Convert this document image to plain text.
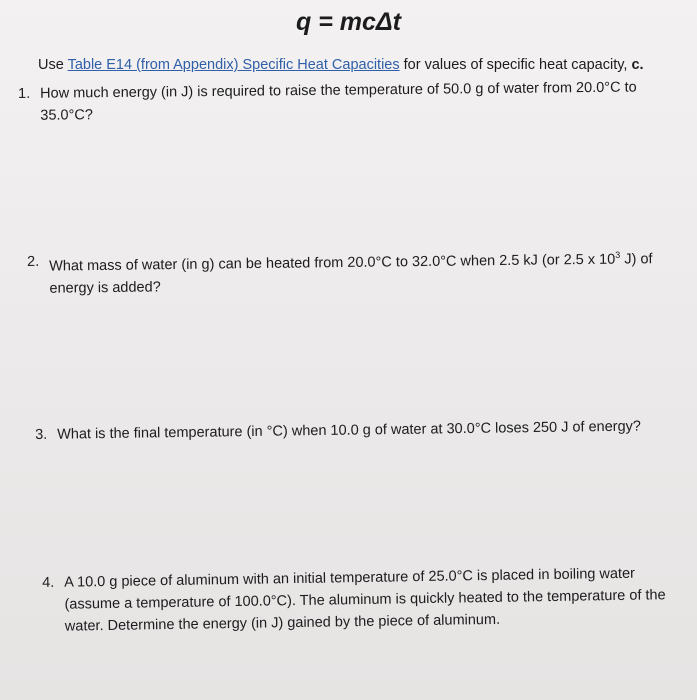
q = mcΔt
Use Table E14 (from Appendix) Specific Heat Capacities for values of specific heat capacity, c.
1. How much energy (in J) is required to raise the temperature of 50.0 g of water from 20.0°C to 35.0°C?
2. What mass of water (in g) can be heated from 20.0°C to 32.0°C when 2.5 kJ (or 2.5 x $10^3$ J) of energy is added?
3. What is the final temperature (in °C) when 10.0 g of water at 30.0°C loses 250 J of energy?
4. A 10.0 g piece of aluminum with an initial temperature of 25.0°C is placed in boiling water (assume a temperature of 100.0°C). The aluminum is quickly heated to the temperature of the water. Determine the energy (in J) gained by the piece of aluminum.
